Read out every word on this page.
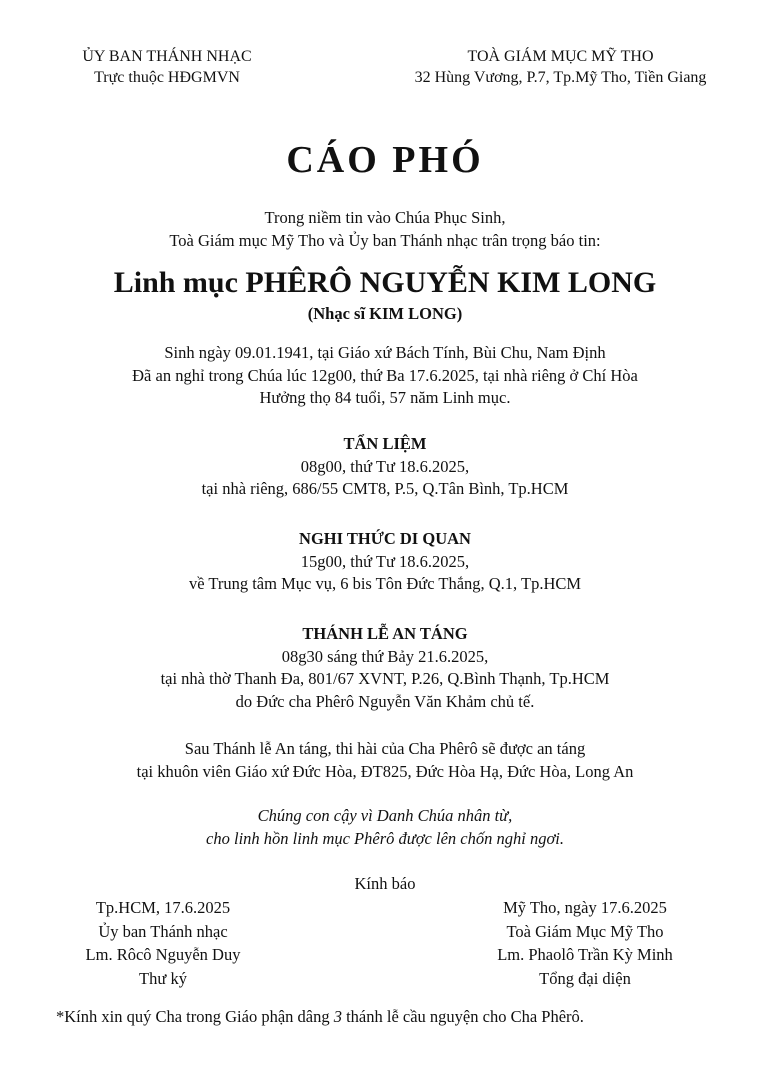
ỦY BAN THÁNH NHẠC
Trực thuộc HĐGMVN
TOÀ GIÁM MỤC MỸ THO
32 Hùng Vương, P.7, Tp.Mỹ Tho, Tiền Giang
CÁO PHÓ
Trong niềm tin vào Chúa Phục Sinh,
Toà Giám mục Mỹ Tho và Ủy ban Thánh nhạc trân trọng báo tin:
Linh mục PHÊRÔ NGUYỄN KIM LONG
(Nhạc sĩ KIM LONG)
Sinh ngày 09.01.1941, tại Giáo xứ Bách Tính, Bùi Chu, Nam Định
Đã an nghỉ trong Chúa lúc 12g00, thứ Ba 17.6.2025, tại nhà riêng ở Chí Hòa
Hưởng thọ 84 tuổi, 57 năm Linh mục.
TẨN LIỆM
08g00, thứ Tư 18.6.2025,
tại nhà riêng, 686/55 CMT8, P.5, Q.Tân Bình, Tp.HCM
NGHI THỨC DI QUAN
15g00, thứ Tư 18.6.2025,
về Trung tâm Mục vụ, 6 bis Tôn Đức Thắng, Q.1, Tp.HCM
THÁNH LỄ AN TÁNG
08g30 sáng thứ Bảy 21.6.2025,
tại nhà thờ Thanh Đa, 801/67 XVNT, P.26, Q.Bình Thạnh, Tp.HCM
do Đức cha Phêrô Nguyễn Văn Khảm chủ tế.
Sau Thánh lễ An táng, thi hài của Cha Phêrô sẽ được an táng
tại khuôn viên Giáo xứ Đức Hòa, ĐT825, Đức Hòa Hạ, Đức Hòa, Long An
Chúng con cậy vì Danh Chúa nhân từ,
cho linh hồn linh mục Phêrô được lên chốn nghỉ ngơi.
Kính báo
Tp.HCM, 17.6.2025
Ủy ban Thánh nhạc
Lm. Rôcô Nguyễn Duy
Thư ký
Mỹ Tho, ngày 17.6.2025
Toà Giám Mục Mỹ Tho
Lm. Phaolô Trần Kỳ Minh
Tổng đại diện
*Kính xin quý Cha trong Giáo phận dâng 3 thánh lễ cầu nguyện cho Cha Phêrô.
